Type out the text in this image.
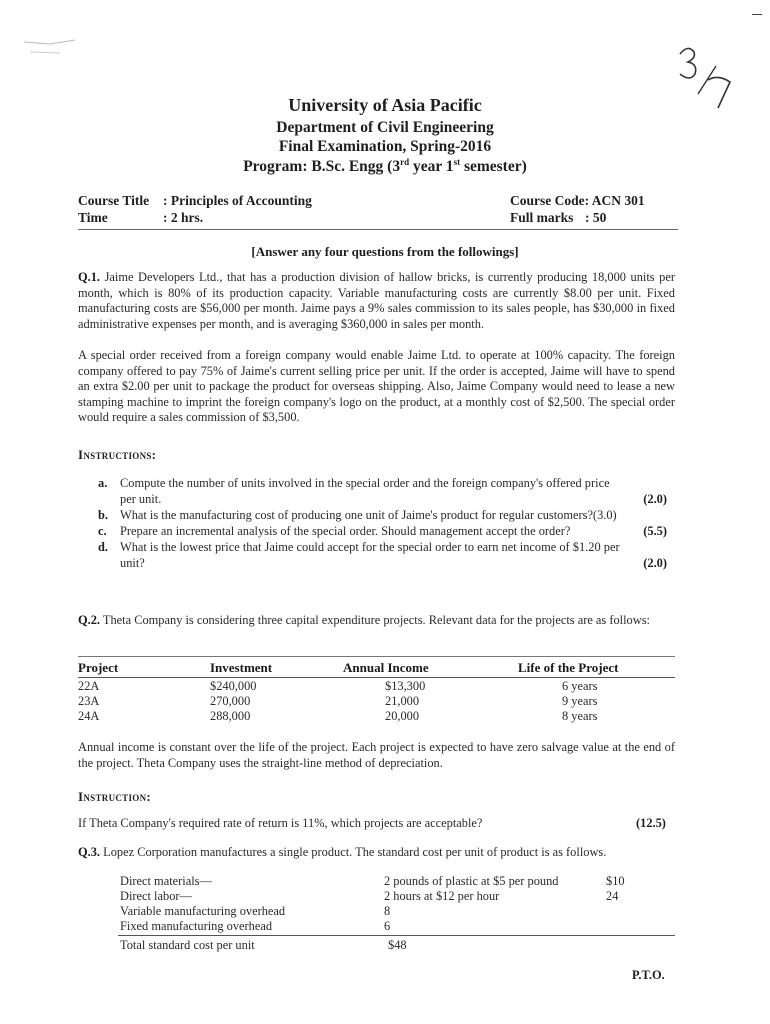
University of Asia Pacific
Department of Civil Engineering
Final Examination, Spring-2016
Program: B.Sc. Engg (3rd year 1st semester)
Course Title : Principles of Accounting
Time	: 2 hrs.
Course Code: ACN 301
Full marks : 50
[Answer any four questions from the followings]
Q.1. Jaime Developers Ltd., that has a production division of hallow bricks, is currently producing 18,000 units per month, which is 80% of its production capacity. Variable manufacturing costs are currently $8.00 per unit. Fixed manufacturing costs are $56,000 per month. Jaime pays a 9% sales commission to its sales people, has $30,000 in fixed administrative expenses per month, and is averaging $360,000 in sales per month.
A special order received from a foreign company would enable Jaime Ltd. to operate at 100% capacity. The foreign company offered to pay 75% of Jaime's current selling price per unit. If the order is accepted, Jaime will have to spend an extra $2.00 per unit to package the product for overseas shipping. Also, Jaime Company would need to lease a new stamping machine to imprint the foreign company's logo on the product, at a monthly cost of $2,500. The special order would require a sales commission of $3,500.
Instructions:
a. Compute the number of units involved in the special order and the foreign company's offered price
per unit.	(2.0)
b. What is the manufacturing cost of producing one unit of Jaime's product for regular customers?(3.0)
c. Prepare an incremental analysis of the special order. Should management accept the order?	(5.5)
d. What is the lowest price that Jaime could accept for the special order to earn net income of $1.20 per
unit?	(2.0)
Q.2. Theta Company is considering three capital expenditure projects. Relevant data for the projects are as follows:
Project	Investment	Annual Income	Life of the Project
22A	$240,000	$13,300	6 years
23A	270,000	21,000	9 years
24A	288,000	20,000	8 years
Annual income is constant over the life of the project. Each project is expected to have zero salvage value at the end of the project. Theta Company uses the straight-line method of depreciation.
Instruction:
If Theta Company's required rate of return is 11%, which projects are acceptable?	(12.5)
Q.3. Lopez Corporation manufactures a single product. The standard cost per unit of product is as follows.
Direct materials—	2 pounds of plastic at $5 per pound	$10
Direct labor—	2 hours at $12 per hour	24
Variable manufacturing overhead	8
Fixed manufacturing overhead	6
Total standard cost per unit	$48
P.T.O.
